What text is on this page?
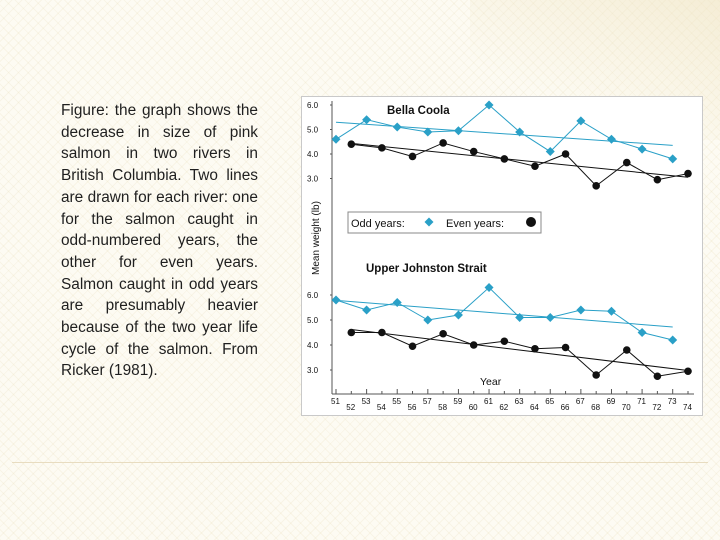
Figure: the graph shows the decrease in size of pink salmon in two rivers in British Columbia. Two lines are drawn for each river: one for the salmon caught in odd-numbered years, the other for even years. Salmon caught in odd years are presumably heavier because of the two year life cycle of the salmon. From Ricker (1981).
6.0
5.0
4.0
3.0
Bella Coola
6.0
5.0
4.0
3.0
Upper Johnston Strait
Odd years:	Even years:
Mean weight (lb)
51	53	55	57	59	61	63	65	67	69	71	73
52	54	56	58	60	62	64	66	68	70	72	74
Year
